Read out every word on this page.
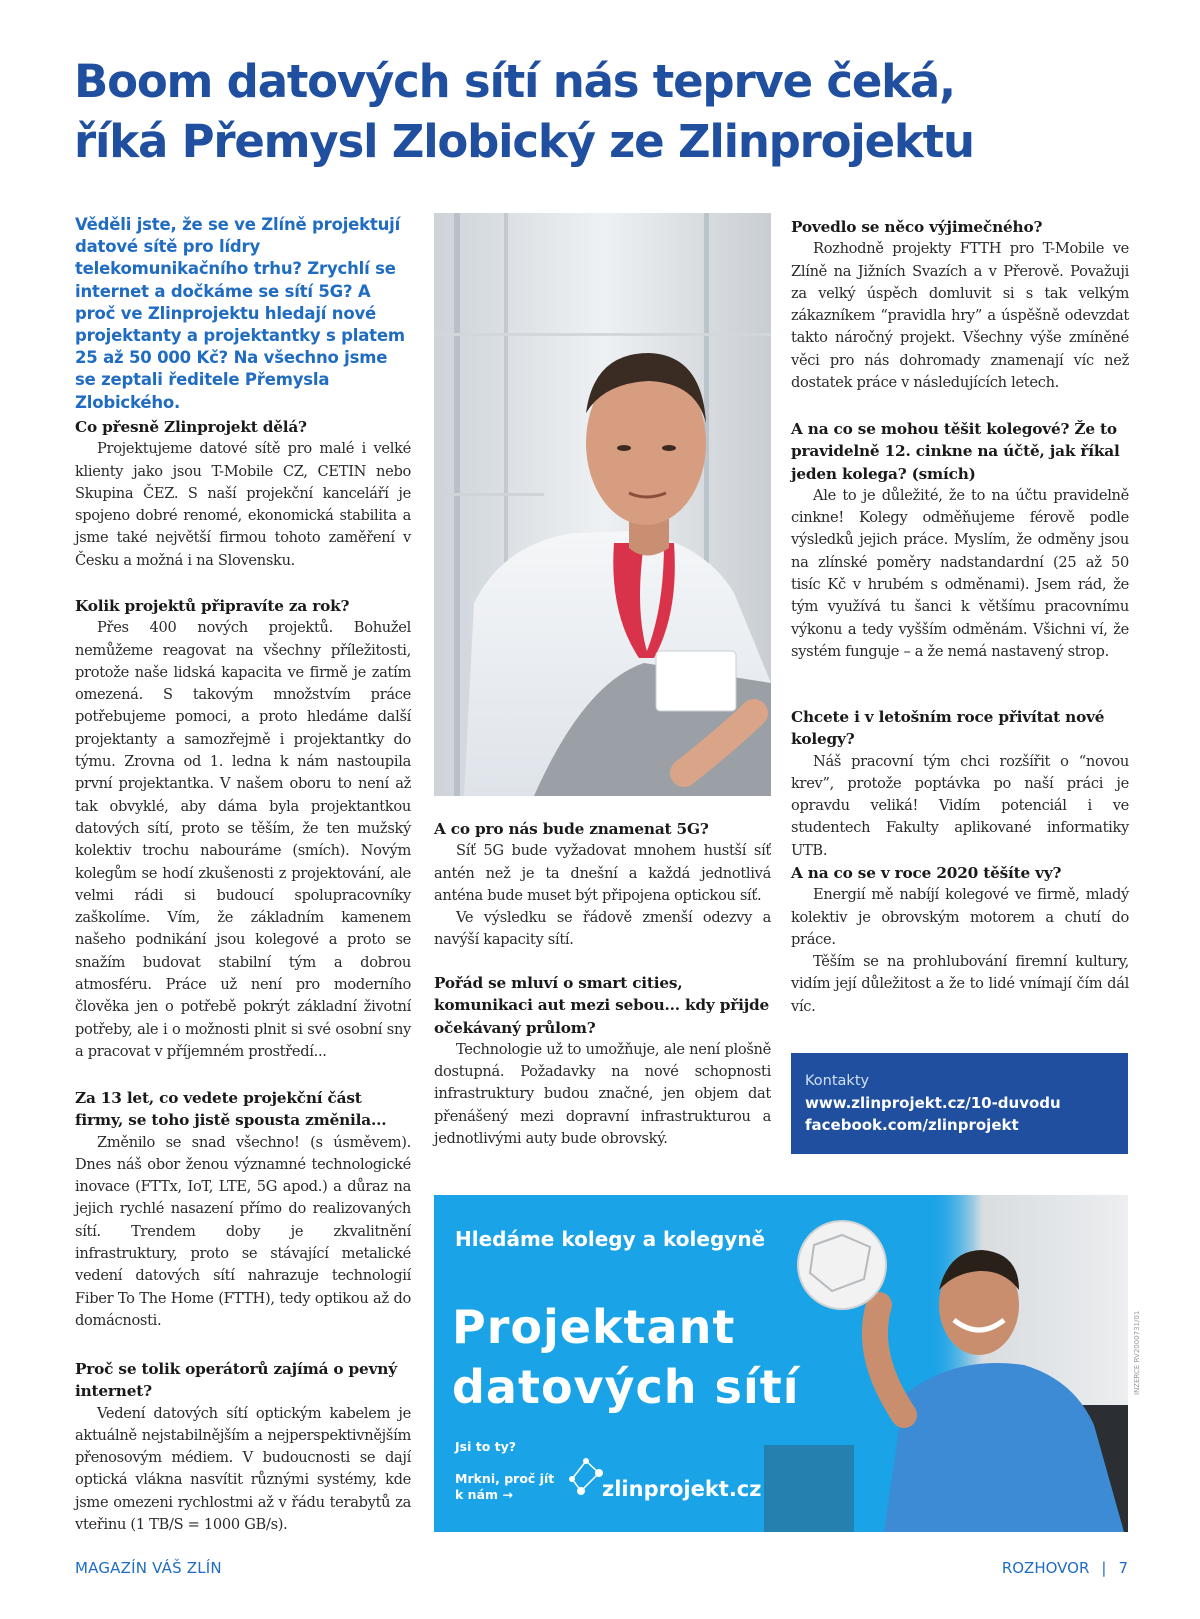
Boom datových sítí nás teprve čeká,
říká Přemysl Zlobický ze Zlinprojektu

Věděli jste, že se ve Zlíně projektují datové sítě pro lídry telekomunikačního trhu? Zrychlí se internet a dočkáme se sítí 5G? A proč ve Zlinprojektu hledají nové projektanty a projektantky s platem 25 až 50 000 Kč? Na všechno jsme se zeptali ředitele Přemysla Zlobického.

Co přesně Zlinprojekt dělá?

Projektujeme datové sítě pro malé i velké klienty jako jsou T-Mobile CZ, CETIN nebo Skupina ČEZ. S naší projekční kanceláří je spojeno dobré renomé, ekonomická stabilita a jsme také největší firmou tohoto zaměření v Česku a možná i na Slovensku.

Kolik projektů připravíte za rok?

Přes 400 nových projektů. Bohužel nemůžeme reagovat na všechny příležitosti, protože naše lidská kapacita ve firmě je zatím omezená. S takovým množstvím práce potřebujeme pomoci, a proto hledáme další projektanty a samozřejmě i projektantky do týmu. Zrovna od 1. ledna k nám nastoupila první projektantka. V našem oboru to není až tak obvyklé, aby dáma byla projektantkou datových sítí, proto se těším, že ten mužský kolektiv trochu nabouráme (smích). Novým kolegům se hodí zkušenosti z projektování, ale velmi rádi si budoucí spolupracovníky zaškolíme. Vím, že základním kamenem našeho podnikání jsou kolegové a proto se snažím budovat stabilní tým a dobrou atmosféru. Práce už není pro moderního člověka jen o potřebě pokrýt základní životní potřeby, ale i o možnosti plnit si své osobní sny a pracovat v příjemném prostředí...

Za 13 let, co vedete projekční část firmy, se toho jistě spousta změnila...

Změnilo se snad všechno! (s úsměvem). Dnes náš obor ženou významné technologické inovace (FTTx, IoT, LTE, 5G apod.) a důraz na jejich rychlé nasazení přímo do realizovaných sítí. Trendem doby je zkvalitnění infrastruktury, proto se stávající metalické vedení datových sítí nahrazuje technologií Fiber To The Home (FTTH), tedy optikou až do domácnosti.

Proč se tolik operátorů zajímá o pevný internet?

Vedení datových sítí optickým kabelem je aktuálně nejstabilnějším a nejperspektivnějším přenosovým médiem. V budoucnosti se dají optická vlákna nasvítit různými systémy, kde jsme omezeni rychlostmi až v řádu terabytů za vteřinu (1 TB/S = 1000 GB/s).

A co pro nás bude znamenat 5G?

Síť 5G bude vyžadovat mnohem hustší síť antén než je ta dnešní a každá jednotlivá anténa bude muset být připojena optickou síť.

Ve výsledku se řádově zmenší odezvy a navýší kapacity sítí.

Pořád se mluví o smart cities, komunikaci aut mezi sebou... kdy přijde očekávaný průlom?

Technologie už to umožňuje, ale není plošně dostupná. Požadavky na nové schopnosti infrastruktury budou značné, jen objem dat přenášený mezi dopravní infrastrukturou a jednotlivými auty bude obrovský.

Povedlo se něco výjimečného?

Rozhodně projekty FTTH pro T-Mobile ve Zlíně na Jižních Svazích a v Přerově. Považuji za velký úspěch domluvit si s tak velkým zákazníkem “pravidla hry” a úspěšně odevzdat takto náročný projekt. Všechny výše zmíněné věci pro nás dohromady znamenají víc než dostatek práce v následujících letech.

A na co se mohou těšit kolegové? Že to pravidelně 12. cinkne na účtě, jak říkal jeden kolega? (smích)

Ale to je důležité, že to na účtu pravidelně cinkne! Kolegy odměňujeme férově podle výsledků jejich práce. Myslím, že odměny jsou na zlínské poměry nadstandardní (25 až 50 tisíc Kč v hrubém s odměnami). Jsem rád, že tým využívá tu šanci k většímu pracovnímu výkonu a tedy vyšším odměnám. Všichni ví, že systém funguje – a že nemá nastavený strop.

Chcete i v letošním roce přivítat nové kolegy?

Náš pracovní tým chci rozšířit o “novou krev”, protože poptávka po naší práci je opravdu veliká! Vidím potenciál i ve studentech Fakulty aplikované informatiky UTB.

A na co se v roce 2020 těšíte vy?

Energií mě nabíjí kolegové ve firmě, mladý kolektiv je obrovským motorem a chutí do práce.

Těším se na prohlubování firemní kultury, vidím její důležitost a že to lidé vnímají čím dál víc.

Kontakty
www.zlinprojekt.cz/10-duvodu
facebook.com/zlinprojekt
Hledáme kolegy a kolegyně
Projektant
datových sítí
Jsi to ty?
Mrkni, proč jít k nám →	zlinprojekt.cz
INZERCE RV2000731/01
MAGAZÍN VÁŠ ZLÍN	ROZHOVOR | 7
